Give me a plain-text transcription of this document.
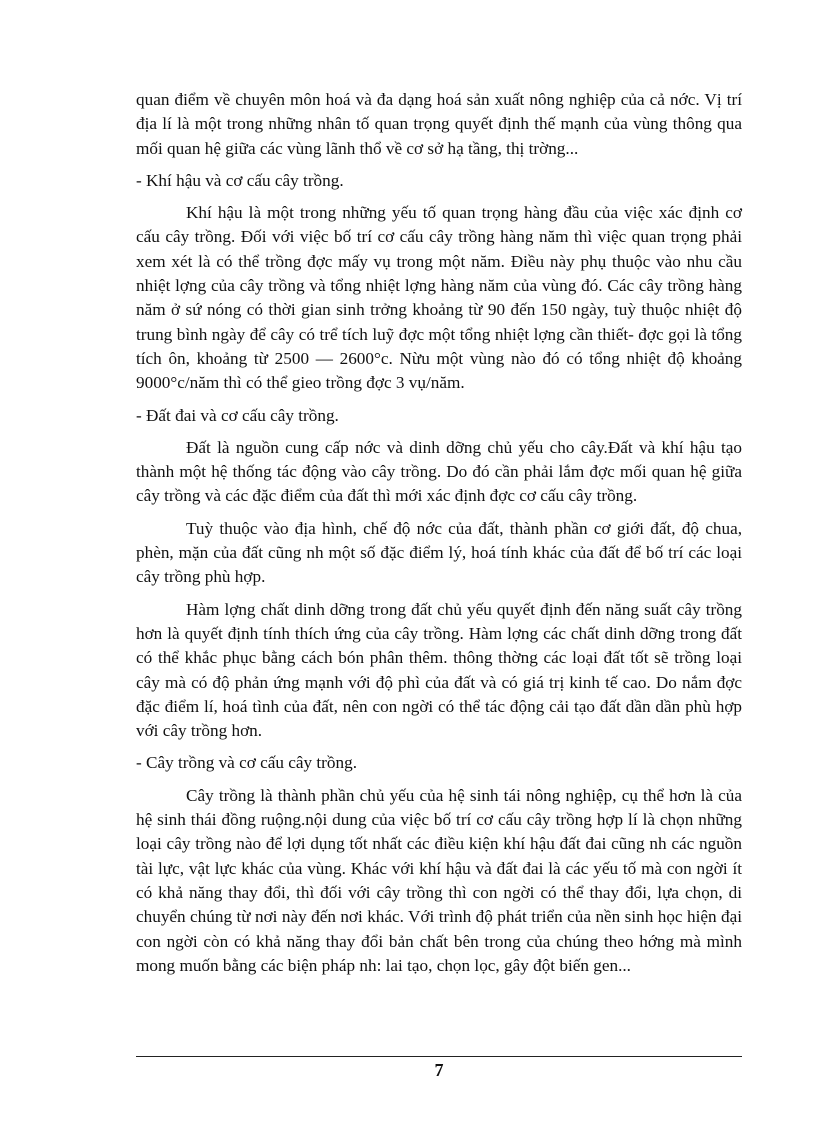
quan điểm về chuyên môn hoá và đa dạng hoá sản xuất nông nghiệp của cả nớc. Vị trí địa lí là một trong những nhân tố quan trọng quyết định thế mạnh của vùng thông qua mối quan hệ giữa các vùng lãnh thổ về cơ sở hạ tầng, thị trờng...

- Khí hậu và cơ cấu cây trồng.

Khí hậu là một trong những yếu tố quan trọng hàng đầu của việc xác định cơ cấu cây trồng. Đối với việc bố trí cơ cấu cây trồng hàng năm thì việc quan trọng phải xem xét là có thể trồng đợc mấy vụ trong một năm. Điều này phụ thuộc vào nhu cầu nhiệt lợng của cây trồng và tổng nhiệt lợng hàng năm của vùng đó. Các cây trồng hàng năm ở sứ nóng có thời gian sinh trởng khoảng từ 90 đến 150 ngày, tuỳ thuộc nhiệt độ trung bình ngày để cây có trể tích luỹ đợc một tổng nhiệt lợng cần thiết- đợc gọi là tổng tích ôn, khoảng từ 2500 — 2600°c. Nừu một vùng nào đó có tổng nhiệt độ khoảng 9000°c/năm thì có thể gieo trồng đợc 3 vụ/năm.

- Đất đai và cơ cấu cây trồng.

Đất là nguồn cung cấp nớc và dinh dỡng chủ yếu cho cây.Đất và khí hậu tạo thành một hệ thống tác động vào cây trồng. Do đó cần phải lắm đợc mối quan hệ giữa cây trồng và các đặc điểm của đất thì mới xác định đợc cơ cấu cây trồng.

Tuỳ thuộc vào địa hình, chế độ nớc của đất, thành phần cơ giới đất, độ chua, phèn, mặn của đất cũng nh một số đặc điểm lý, hoá tính khác của đất để bố trí các loại cây trồng phù hợp.

Hàm lợng chất dinh dỡng trong đất chủ yếu quyết định đến năng suất cây trồng hơn là quyết định tính thích ứng của cây trồng. Hàm lợng các chất dinh dỡng trong đất có thể khắc phục bằng cách bón phân thêm. thông thờng các loại đất tốt sẽ trồng loại cây mà có độ phản ứng mạnh với độ phì của đất và có giá trị kinh tế cao. Do nắm đợc đặc điểm lí, hoá tình của đất, nên con ngời có thể tác động cải tạo đất dần dần phù hợp với cây trồng hơn.

- Cây trồng và cơ cấu cây trồng.

Cây trồng là thành phần chủ yếu của hệ sinh tái nông nghiệp, cụ thể hơn là của hệ sinh thái đồng ruộng.nội dung của việc bố trí cơ cấu cây trồng hợp lí là chọn những loại cây trồng nào để lợi dụng tốt nhất các điều kiện khí hậu đất đai cũng nh các nguồn tài lực, vật lực khác của vùng. Khác với khí hậu và đất đai là các yếu tố mà con ngời ít có khả năng thay đổi, thì đối với cây trồng thì con ngời có thể thay đổi, lựa chọn, di chuyển chúng từ nơi này đến nơi khác. Với trình độ phát triển của nền sinh học hiện đại con ngời còn có khả năng thay đổi bản chất bên trong của chúng theo hớng mà mình mong muốn bằng các biện pháp nh: lai tạo, chọn lọc, gây đột biến gen...

7
